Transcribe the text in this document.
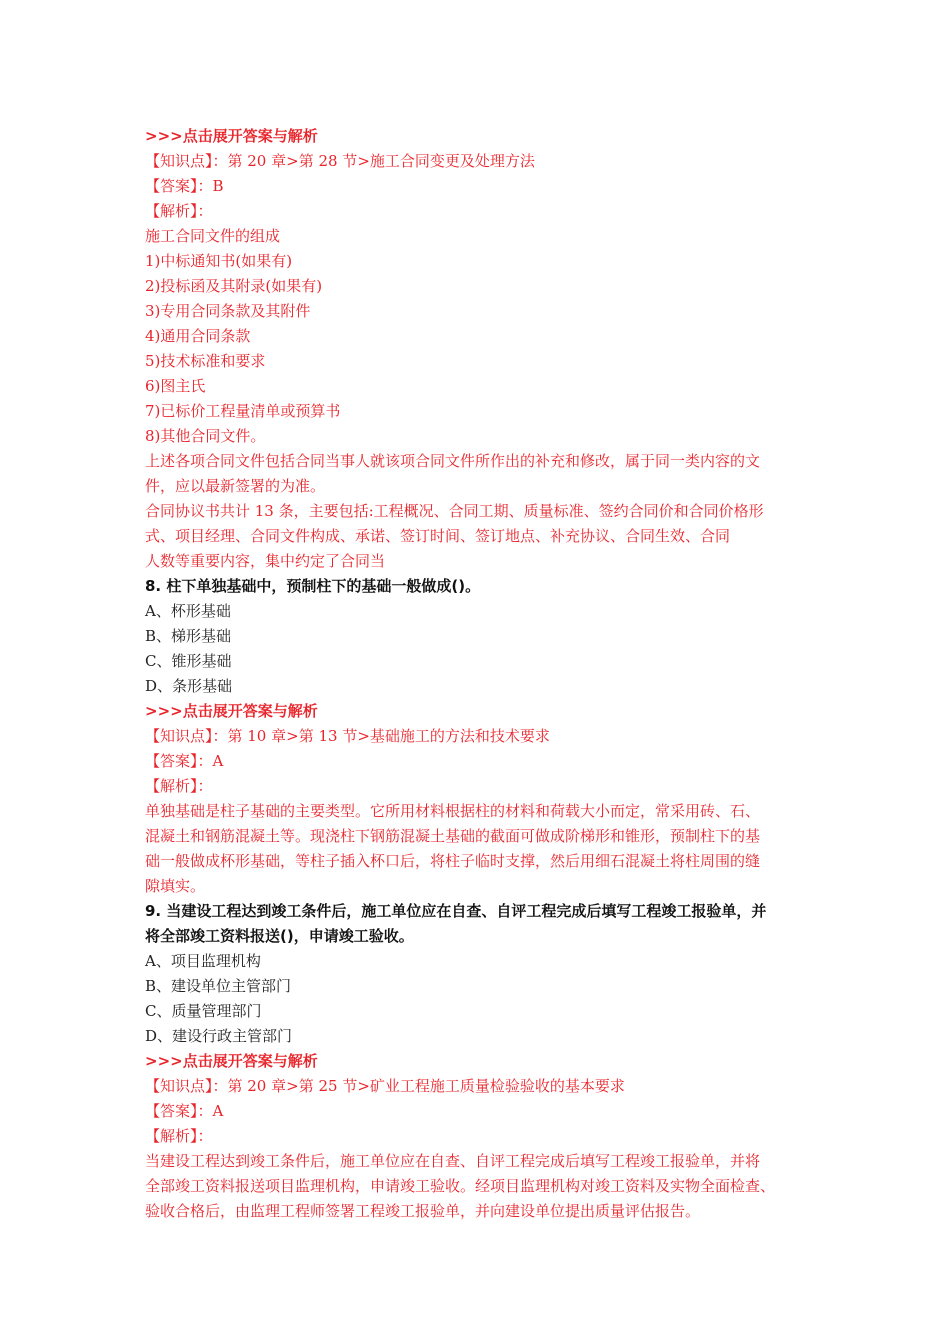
>>>点击展开答案与解析
【知识点】：第 20 章>第 28 节>施工合同变更及处理方法
【答案】：B
【解析】：
施工合同文件的组成
1)中标通知书(如果有)
2)投标函及其附录(如果有)
3)专用合同条款及其附件
4)通用合同条款
5)技术标准和要求
6)图主氏
7)已标价工程量清单或预算书
8)其他合同文件。
上述各项合同文件包括合同当事人就该项合同文件所作出的补充和修改，属于同一类内容的文
件，应以最新签署的为准。
合同协议书共计 13 条，主要包括:工程概况、合同工期、质量标准、签约合同价和合同价格形
式、项目经理、合同文件构成、承诺、签订时间、签订地点、补充协议、合同生效、合同
人数等重要内容，集中约定了合同当
8. 柱下单独基础中，预制柱下的基础一般做成()。
A、杯形基础
B、梯形基础
C、锥形基础
D、条形基础
>>>点击展开答案与解析
【知识点】：第 10 章>第 13 节>基础施工的方法和技术要求
【答案】：A
【解析】：
单独基础是柱子基础的主要类型。它所用材料根据柱的材料和荷载大小而定，常采用砖、石、
混凝土和钢筋混凝土等。现浇柱下钢筋混凝土基础的截面可做成阶梯形和锥形，预制柱下的基
础一般做成杯形基础，等柱子插入杯口后，将柱子临时支撑，然后用细石混凝土将柱周围的缝
隙填实。
9. 当建设工程达到竣工条件后，施工单位应在自查、自评工程完成后填写工程竣工报验单，并
将全部竣工资料报送()，申请竣工验收。
A、项目监理机构
B、建设单位主管部门
C、质量管理部门
D、建设行政主管部门
>>>点击展开答案与解析
【知识点】：第 20 章>第 25 节>矿业工程施工质量检验验收的基本要求
【答案】：A
【解析】：
当建设工程达到竣工条件后，施工单位应在自查、自评工程完成后填写工程竣工报验单，并将
全部竣工资料报送项目监理机构，申请竣工验收。经项目监理机构对竣工资料及实物全面检查、
验收合格后，由监理工程师签署工程竣工报验单，并向建设单位提出质量评估报告。
